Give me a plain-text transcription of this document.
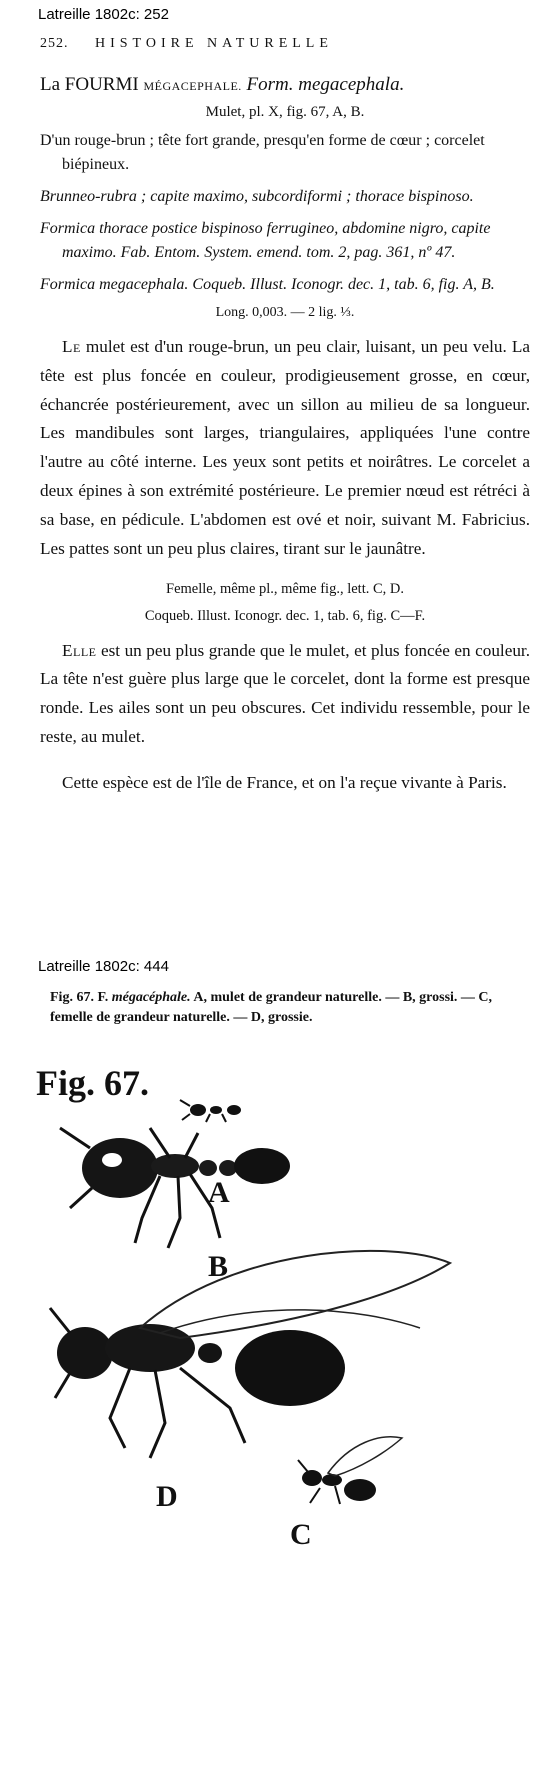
Latreille 1802c: 252
252. HISTOIRE NATURELLE
La FOURMI MÉGACEPHALE. Form. megacephala.
Mulet, pl. X, fig. 67, A, B.
D'un rouge-brun ; tête fort grande, presqu'en forme de cœur ; corcelet biépineux.
Brunneo-rubra ; capite maximo, subcordiformi ; thorace bispinoso.
Formica thorace postice bispinoso ferrugineo, abdomine nigro, capite maximo. Fab. Entom. System. emend. tom. 2, pag. 361, nº 47.
Formica megacephala. Coqueb. Illust. Iconogr. dec. 1, tab. 6, fig. A, B.
Long. 0,003. — 2 lig. ⅓.

Le mulet est d'un rouge-brun, un peu clair, luisant, un peu velu. La tête est plus foncée en couleur, prodigieusement grosse, en cœur, échancrée postérieurement, avec un sillon au milieu de sa longueur. Les mandibules sont larges, triangulaires, appliquées l'une contre l'autre au côté interne. Les yeux sont petits et noirâtres. Le corcelet a deux épines à son extrémité postérieure. Le premier nœud est rétréci à sa base, en pédicule. L'abdomen est ové et noir, suivant M. Fabricius. Les pattes sont un peu plus claires, tirant sur le jaunâtre.

Femelle, même pl., même fig., lett. C, D.
Coqueb. Illust. Iconogr. dec. 1, tab. 6, fig. C—F.

Elle est un peu plus grande que le mulet, et plus foncée en couleur. La tête n'est guère plus large que le corcelet, dont la forme est presque ronde. Les ailes sont un peu obscures. Cet individu ressemble, pour le reste, au mulet.

Cette espèce est de l'île de France, et on l'a reçue vivante à Paris.

Latreille 1802c: 444
Fig. 67. F. mégacéphale. A, mulet de grandeur naturelle. — B, grossi. — C, femelle de grandeur naturelle. — D, grossie.
Fig. 67.
A
B
D
C
